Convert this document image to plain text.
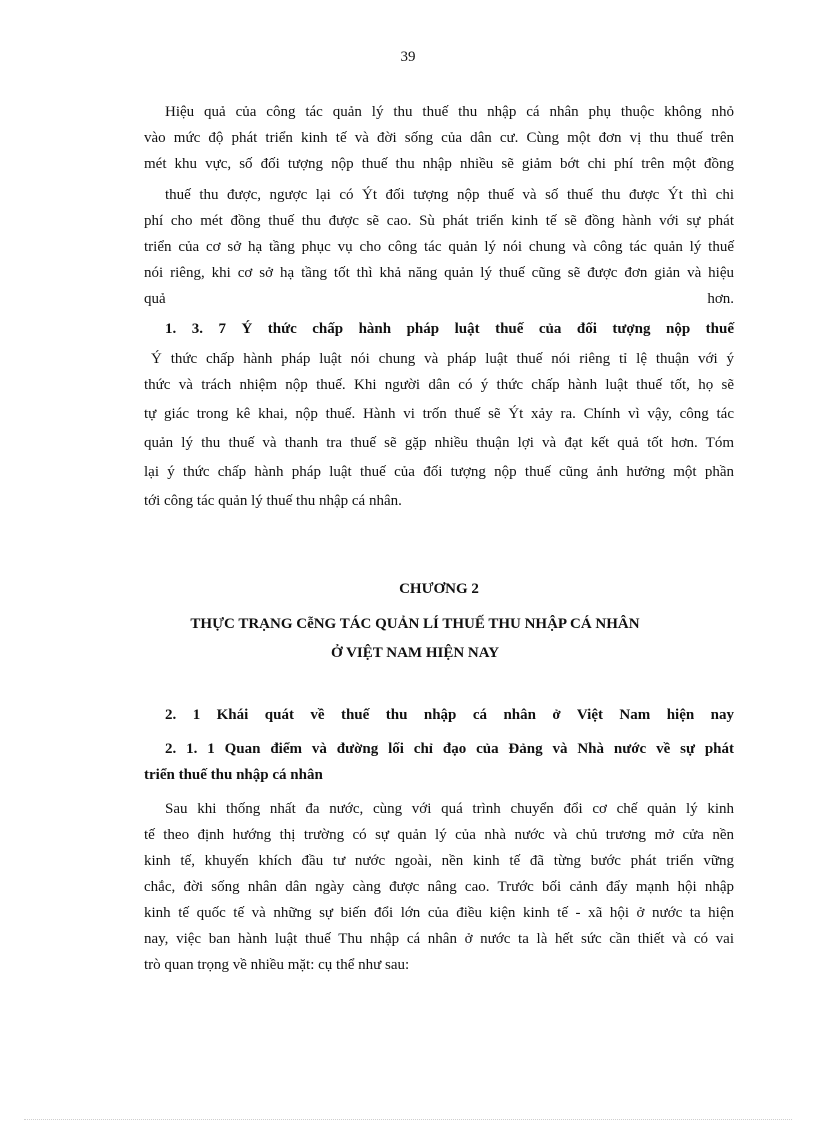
39
Hiệu quả của công tác quản lý thu thuế thu nhập cá nhân phụ thuộc không nhỏ
vào mức độ phát triển kinh tế và đời sống của dân cư. Cùng một đơn vị thu thuế trên
mét khu vực, số đối tượng nộp thuế thu nhập nhiều sẽ giảm bớt chi phí trên một đồng
thuế thu được, ngược lại có Ýt đối tượng nộp thuế và số thuế thu được Ýt thì chi
phí cho mét đồng thuế thu được sẽ cao. Sù phát triển kinh tế sẽ đồng hành với sự phát
triển của cơ sở hạ tầng phục vụ cho công tác quản lý nói chung và công tác quản lý thuế
nói riêng, khi cơ sở hạ tầng tốt thì khả năng quản lý thuế cũng sẽ được đơn giản và hiệu
quả	hơn.
1. 3. 7 Ý thức chấp hành pháp luật thuế của đối tượng nộp thuế
Ý thức chấp hành pháp luật nói chung và pháp luật thuế nói riêng tỉ lệ thuận với ý
thức và trách nhiệm nộp thuế. Khi người dân có ý thức chấp hành luật thuế tốt, họ sẽ
tự giác trong kê khai, nộp thuế. Hành vi trốn thuế sẽ Ýt xảy ra. Chính vì vậy, công tác
quản lý thu thuế và thanh tra thuế sẽ gặp nhiều thuận lợi và đạt kết quả tốt hơn. Tóm
lại ý thức chấp hành pháp luật thuế của đối tượng nộp thuế cũng ảnh hưởng một phần
tới công tác quản lý thuế thu nhập cá nhân.
CHƯƠNG 2
THỰC TRẠNG CễNG TÁC QUẢN LÍ THUẾ THU NHẬP CÁ NHÂN
Ở VIỆT NAM HIỆN NAY
2. 1 Khái quát về thuế thu nhập cá nhân ở Việt Nam hiện nay
2. 1. 1 Quan điểm và đường lối chỉ đạo của Đảng và Nhà nước về sự phát
triển thuế thu nhập cá nhân
Sau khi thống nhất đa nước, cùng với quá trình chuyển đổi cơ chế quản lý kinh
tế theo định hướng thị trường có sự quản lý của nhà nước và chủ trương mở cửa nền
kinh tế, khuyến khích đầu tư nước ngoài, nền kinh tế đã từng bước phát triển vững
chắc, đời sống nhân dân ngày càng được nâng cao. Trước bối cảnh đẩy mạnh hội nhập
kinh tế quốc tế và những sự biến đổi lớn của điều kiện kinh tế - xã hội ở nước ta hiện
nay, việc ban hành luật thuế Thu nhập cá nhân ở nước ta là hết sức cần thiết và có vai
trò quan trọng về nhiều mặt: cụ thể như sau:
